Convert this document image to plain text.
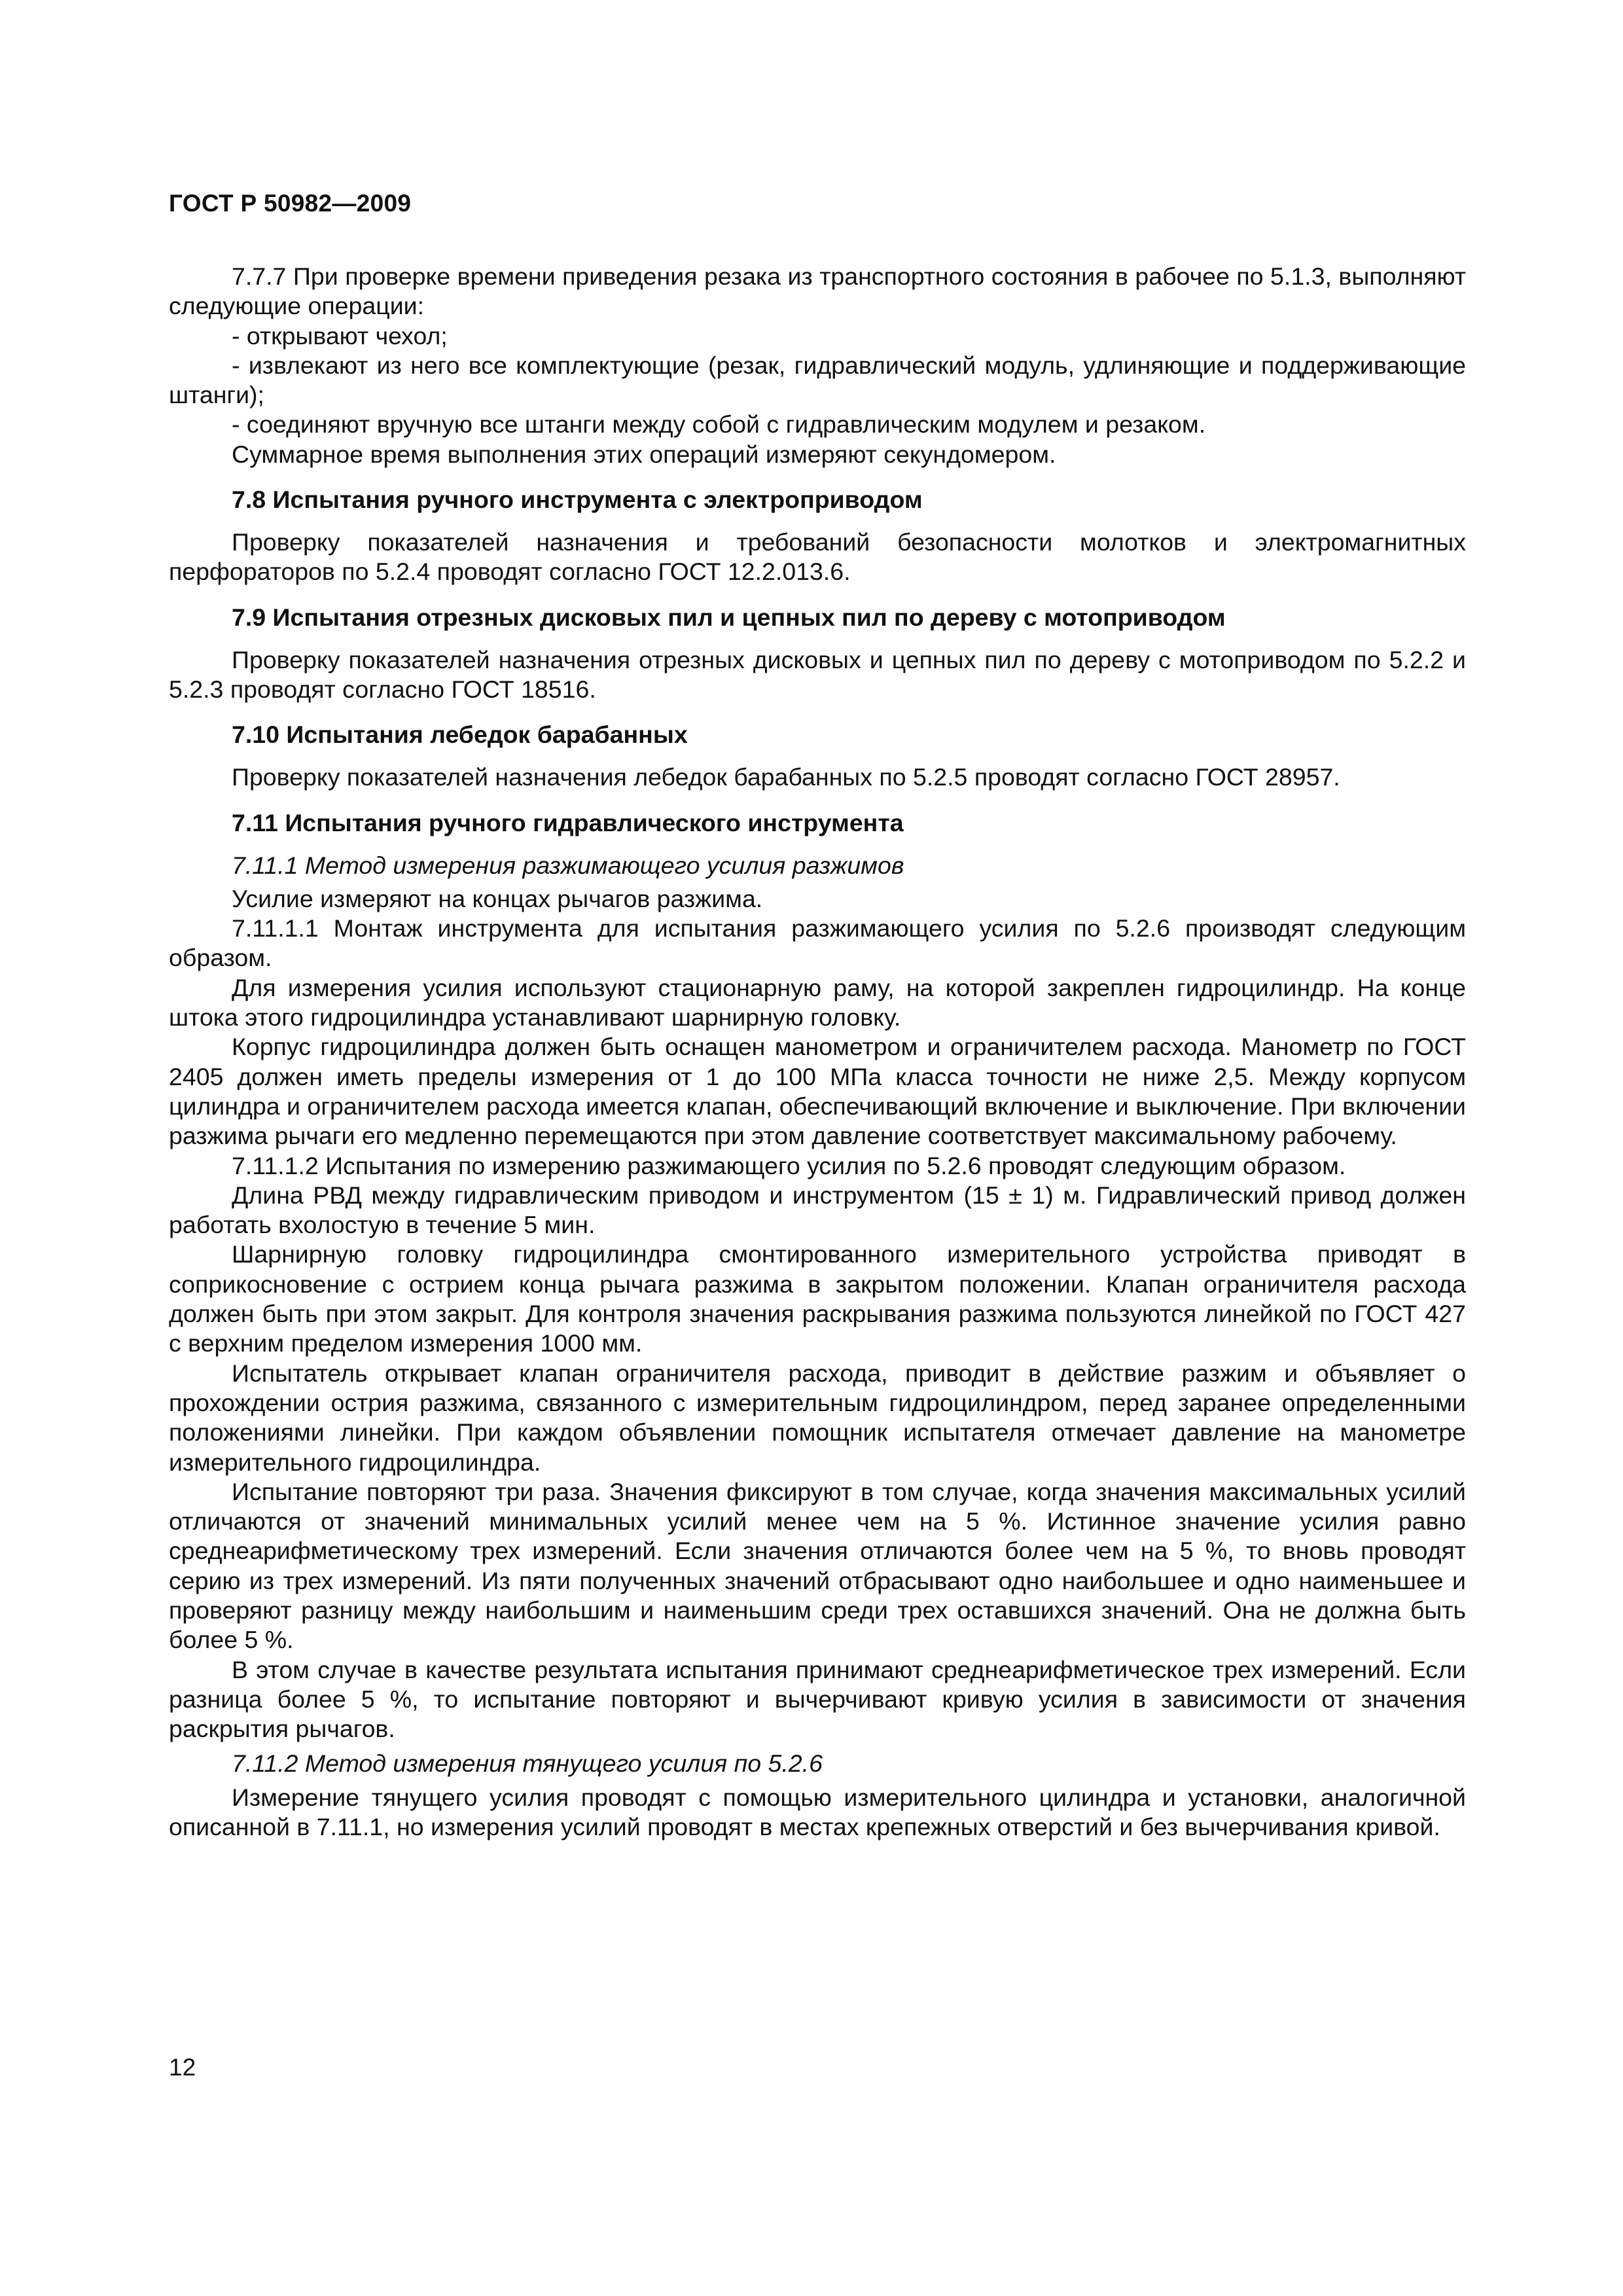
ГОСТ Р 50982—2009

7.7.7 При проверке времени приведения резака из транспортного состояния в рабочее по 5.1.3, выполняют следующие операции:

- открывают чехол;

- извлекают из него все комплектующие (резак, гидравлический модуль, удлиняющие и поддерживающие штанги);

- соединяют вручную все штанги между собой с гидравлическим модулем и резаком.

Суммарное время выполнения этих операций измеряют секундомером.

7.8 Испытания ручного инструмента с электроприводом

Проверку показателей назначения и требований безопасности молотков и электромагнитных перфораторов по 5.2.4 проводят согласно ГОСТ 12.2.013.6.

7.9 Испытания отрезных дисковых пил и цепных пил по дереву с мотоприводом

Проверку показателей назначения отрезных дисковых и цепных пил по дереву с мотоприводом по 5.2.2 и 5.2.3 проводят согласно ГОСТ 18516.

7.10 Испытания лебедок барабанных

Проверку показателей назначения лебедок барабанных по 5.2.5 проводят согласно ГОСТ 28957.

7.11 Испытания ручного гидравлического инструмента

7.11.1 Метод измерения разжимающего усилия разжимов

Усилие измеряют на концах рычагов разжима.

7.11.1.1 Монтаж инструмента для испытания разжимающего усилия по 5.2.6 производят следующим образом.

Для измерения усилия используют стационарную раму, на которой закреплен гидроцилиндр. На конце штока этого гидроцилиндра устанавливают шарнирную головку.

Корпус гидроцилиндра должен быть оснащен манометром и ограничителем расхода. Манометр по ГОСТ 2405 должен иметь пределы измерения от 1 до 100 МПа класса точности не ниже 2,5. Между корпусом цилиндра и ограничителем расхода имеется клапан, обеспечивающий включение и выключение. При включении разжима рычаги его медленно перемещаются при этом давление соответствует максимальному рабочему.

7.11.1.2 Испытания по измерению разжимающего усилия по 5.2.6 проводят следующим образом.

Длина РВД между гидравлическим приводом и инструментом (15 ± 1) м. Гидравлический привод должен работать вхолостую в течение 5 мин.

Шарнирную головку гидроцилиндра смонтированного измерительного устройства приводят в соприкосновение с острием конца рычага разжима в закрытом положении. Клапан ограничителя расхода должен быть при этом закрыт. Для контроля значения раскрывания разжима пользуются линейкой по ГОСТ 427 с верхним пределом измерения 1000 мм.

Испытатель открывает клапан ограничителя расхода, приводит в действие разжим и объявляет о прохождении острия разжима, связанного с измерительным гидроцилиндром, перед заранее определенными положениями линейки. При каждом объявлении помощник испытателя отмечает давление на манометре измерительного гидроцилиндра.

Испытание повторяют три раза. Значения фиксируют в том случае, когда значения максимальных усилий отличаются от значений минимальных усилий менее чем на 5 %. Истинное значение усилия равно среднеарифметическому трех измерений. Если значения отличаются более чем на 5 %, то вновь проводят серию из трех измерений. Из пяти полученных значений отбрасывают одно наибольшее и одно наименьшее и проверяют разницу между наибольшим и наименьшим среди трех оставшихся значений. Она не должна быть более 5 %.

В этом случае в качестве результата испытания принимают среднеарифметическое трех измерений. Если разница более 5 %, то испытание повторяют и вычерчивают кривую усилия в зависимости от значения раскрытия рычагов.

7.11.2 Метод измерения тянущего усилия по 5.2.6

Измерение тянущего усилия проводят с помощью измерительного цилиндра и установки, аналогичной описанной в 7.11.1, но измерения усилий проводят в местах крепежных отверстий и без вычерчивания кривой.

12
